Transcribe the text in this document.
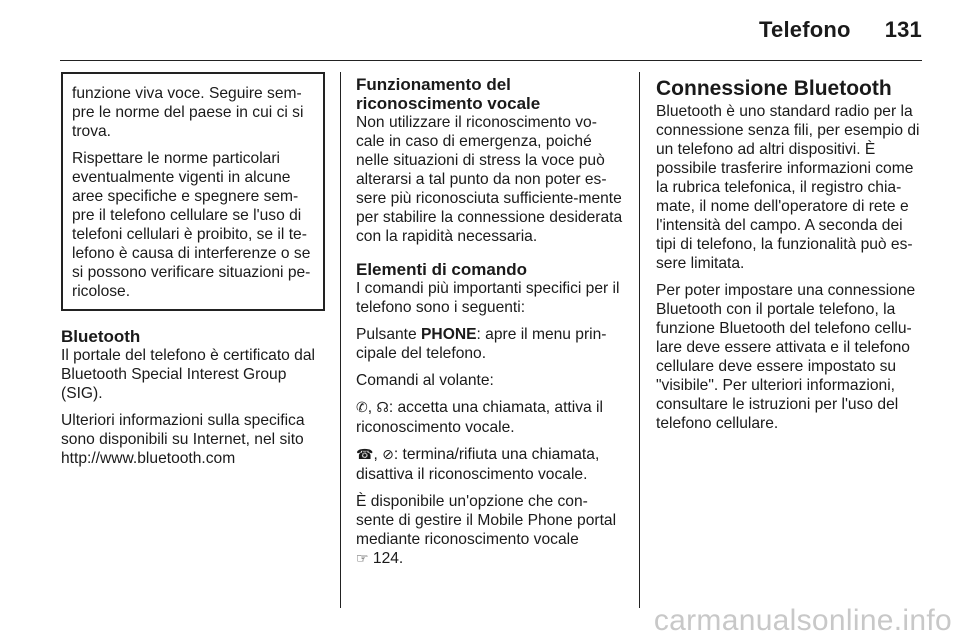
Telefono 131

funzione viva voce. Seguire sem-pre le norme del paese in cui ci si trova.

Rispettare le norme particolari eventualmente vigenti in alcune aree specifiche e spegnere sem-pre il telefono cellulare se l'uso di telefoni cellulari è proibito, se il te-lefono è causa di interferenze o se si possono verificare situazioni pe-ricolose.

Bluetooth

Il portale del telefono è certificato dal Bluetooth Special Interest Group (SIG).

Ulteriori informazioni sulla specifica sono disponibili su Internet, nel sito http://www.bluetooth.com

Funzionamento del riconoscimento vocale

Non utilizzare il riconoscimento vo-cale in caso di emergenza, poiché nelle situazioni di stress la voce può alterarsi a tal punto da non poter es-sere più riconosciuta sufficiente-mente per stabilire la connessione desiderata con la rapidità necessaria.

Elementi di comando

I comandi più importanti specifici per il telefono sono i seguenti:

Pulsante PHONE: apre il menu prin-cipale del telefono.

Comandi al volante:

✆, ☊: accetta una chiamata, attiva il riconoscimento vocale.

☎, ⊘: termina/rifiuta una chiamata, disattiva il riconoscimento vocale.

È disponibile un'opzione che con-sente di gestire il Mobile Phone portal mediante riconoscimento vocale
☞ 124.

Connessione Bluetooth

Bluetooth è uno standard radio per la connessione senza fili, per esempio di un telefono ad altri dispositivi. È possibile trasferire informazioni come la rubrica telefonica, il registro chia-mate, il nome dell'operatore di rete e l'intensità del campo. A seconda dei tipi di telefono, la funzionalità può es-sere limitata.

Per poter impostare una connessione Bluetooth con il portale telefono, la funzione Bluetooth del telefono cellu-lare deve essere attivata e il telefono cellulare deve essere impostato su "visibile". Per ulteriori informazioni, consultare le istruzioni per l'uso del telefono cellulare.

carmanualsonline.info
